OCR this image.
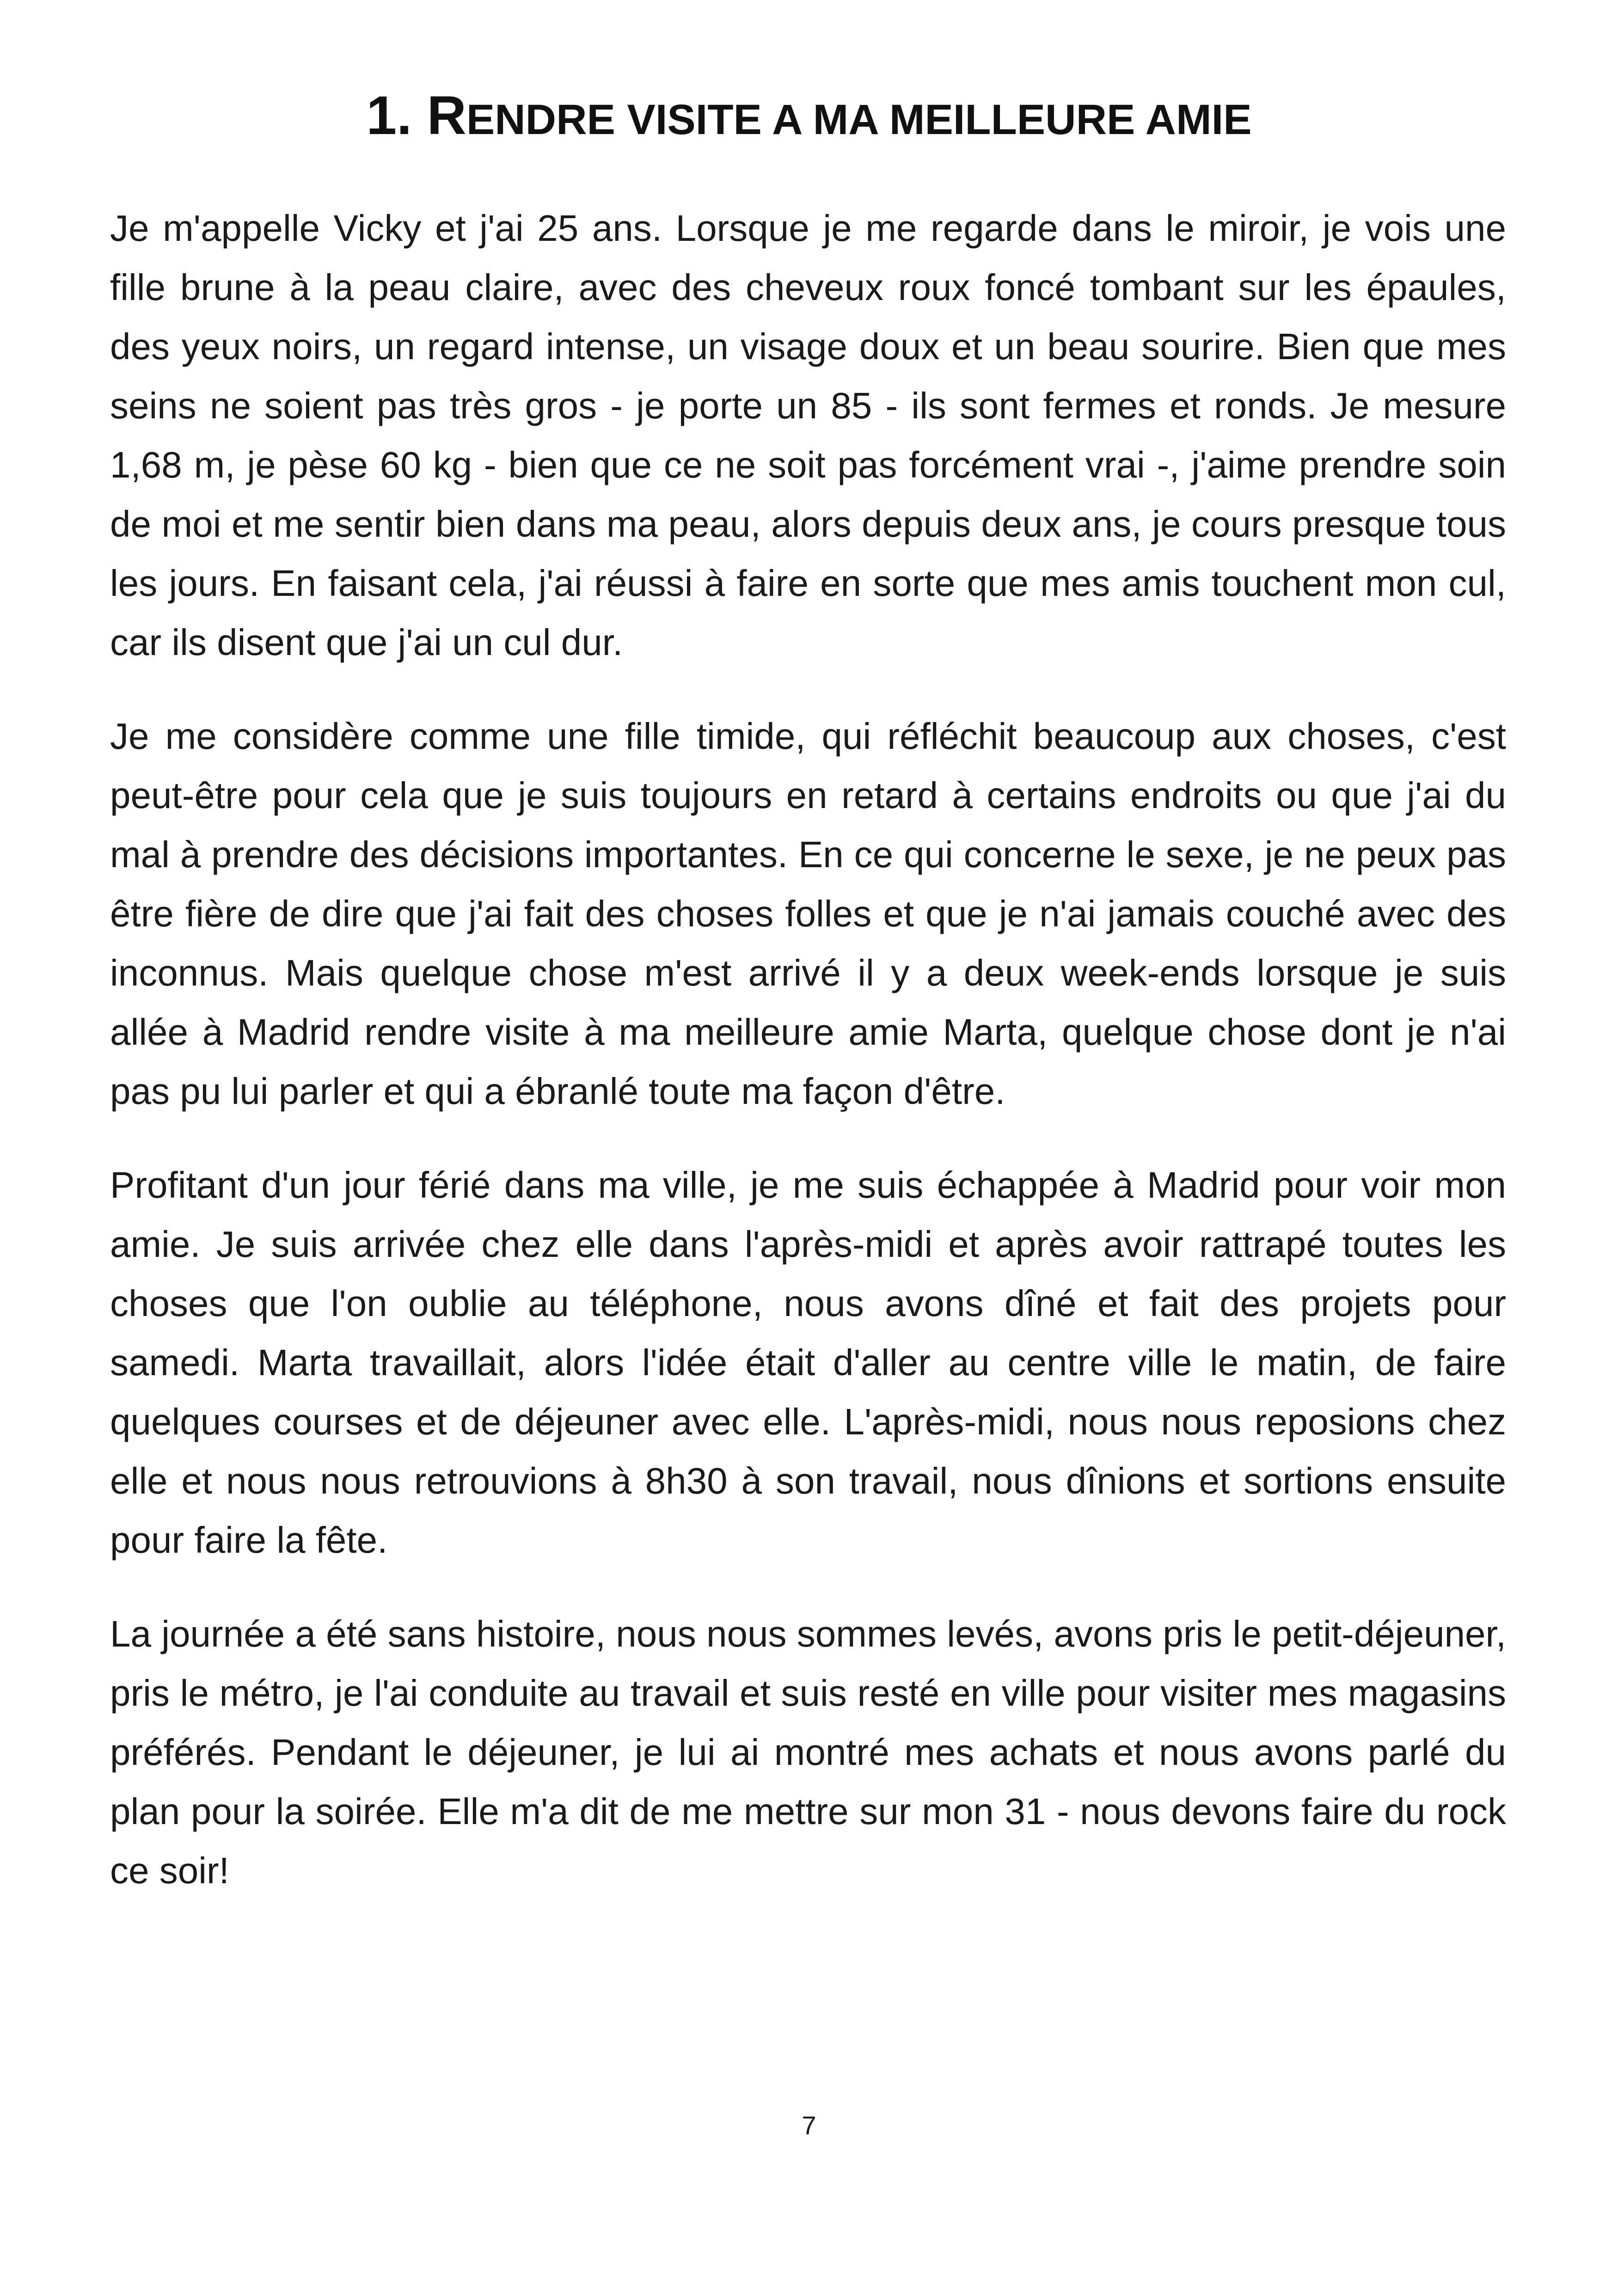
1. RENDRE VISITE A MA MEILLEURE AMIE

Je m'appelle Vicky et j'ai 25 ans. Lorsque je me regarde dans le miroir, je vois une fille brune à la peau claire, avec des cheveux roux foncé tombant sur les épaules, des yeux noirs, un regard intense, un visage doux et un beau sourire. Bien que mes seins ne soient pas très gros - je porte un 85 - ils sont fermes et ronds. Je mesure 1,68 m, je pèse 60 kg - bien que ce ne soit pas forcément vrai -, j'aime prendre soin de moi et me sentir bien dans ma peau, alors depuis deux ans, je cours presque tous les jours. En faisant cela, j'ai réussi à faire en sorte que mes amis touchent mon cul, car ils disent que j'ai un cul dur.

Je me considère comme une fille timide, qui réfléchit beaucoup aux choses, c'est peut-être pour cela que je suis toujours en retard à certains endroits ou que j'ai du mal à prendre des décisions importantes. En ce qui concerne le sexe, je ne peux pas être fière de dire que j'ai fait des choses folles et que je n'ai jamais couché avec des inconnus. Mais quelque chose m'est arrivé il y a deux week-ends lorsque je suis allée à Madrid rendre visite à ma meilleure amie Marta, quelque chose dont je n'ai pas pu lui parler et qui a ébranlé toute ma façon d'être.

Profitant d'un jour férié dans ma ville, je me suis échappée à Madrid pour voir mon amie. Je suis arrivée chez elle dans l'après-midi et après avoir rattrapé toutes les choses que l'on oublie au téléphone, nous avons dîné et fait des projets pour samedi. Marta travaillait, alors l'idée était d'aller au centre ville le matin, de faire quelques courses et de déjeuner avec elle. L'après-midi, nous nous reposions chez elle et nous nous retrouvions à 8h30 à son travail, nous dînions et sortions ensuite pour faire la fête.

La journée a été sans histoire, nous nous sommes levés, avons pris le petit-déjeuner, pris le métro, je l'ai conduite au travail et suis resté en ville pour visiter mes magasins préférés. Pendant le déjeuner, je lui ai montré mes achats et nous avons parlé du plan pour la soirée. Elle m'a dit de me mettre sur mon 31 - nous devons faire du rock ce soir!

7
